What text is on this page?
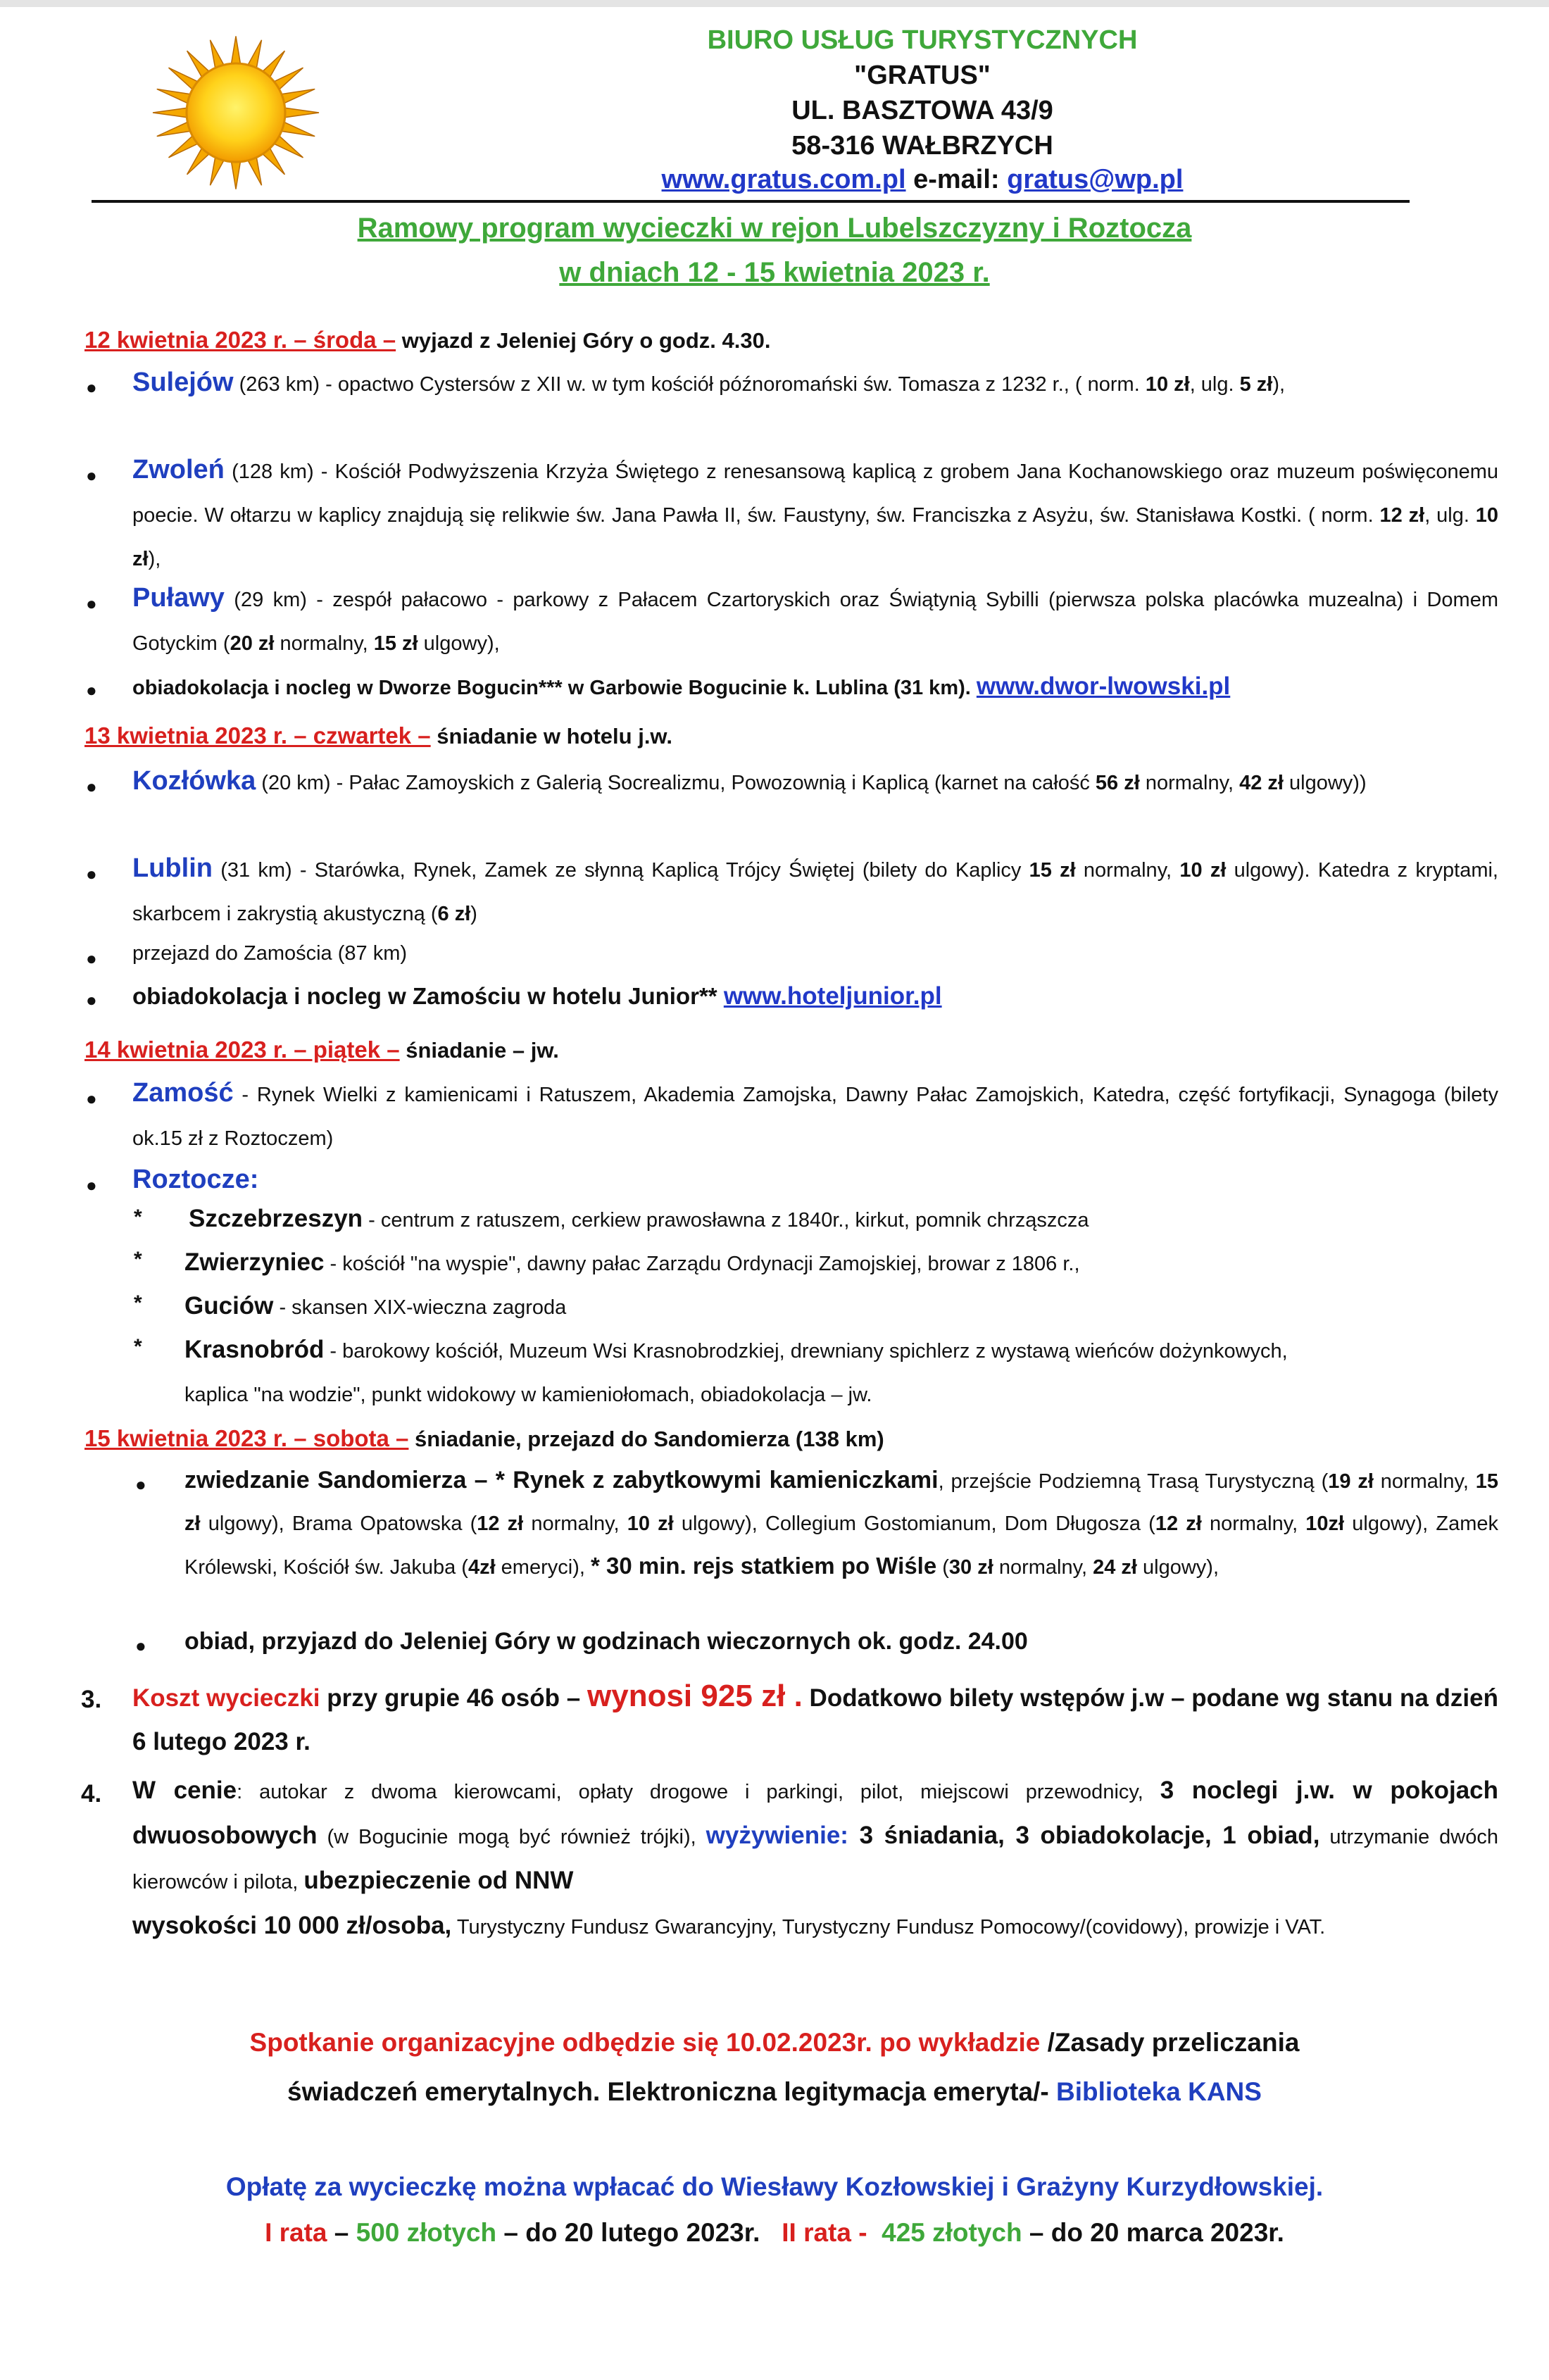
BIURO USŁUG TURYSTYCZNYCH
"GRATUS"
UL. BASZTOWA 43/9
58-316 WAŁBRZYCH
www.gratus.com.pl e-mail: gratus@wp.pl
Ramowy program wycieczki w rejon Lubelszczyzny i Roztocza
w dniach 12 - 15 kwietnia 2023 r.
12 kwietnia 2023 r. – środa – wyjazd z Jeleniej Góry o godz. 4.30.
● Sulejów (263 km) - opactwo Cystersów z XII w. w tym kościół późnoromański św. Tomasza z 1232 r., ( norm. 10 zł, ulg. 5 zł),
● Zwoleń (128 km) - Kościół Podwyższenia Krzyża Świętego z renesansową kaplicą z grobem Jana Kochanowskiego oraz muzeum poświęconemu poecie. W ołtarzu w kaplicy znajdują się relikwie św. Jana Pawła II, św. Faustyny, św. Franciszka z Asyżu, św. Stanisława Kostki. ( norm. 12 zł, ulg. 10 zł),
● Puławy (29 km) - zespół pałacowo - parkowy z Pałacem Czartoryskich oraz Świątynią Sybilli (pierwsza polska placówka muzealna) i Domem Gotyckim (20 zł normalny, 15 zł ulgowy),
● obiadokolacja i nocleg w Dworze Bogucin*** w Garbowie Bogucinie k. Lublina (31 km). www.dwor-lwowski.pl
13 kwietnia 2023 r. – czwartek – śniadanie w hotelu j.w.
● Kozłówka (20 km) - Pałac Zamoyskich z Galerią Socrealizmu, Powozownią i Kaplicą (karnet na całość 56 zł normalny, 42 zł ulgowy))
● Lublin (31 km) - Starówka, Rynek, Zamek ze słynną Kaplicą Trójcy Świętej (bilety do Kaplicy 15 zł normalny, 10 zł ulgowy). Katedra z kryptami, skarbcem i zakrystią akustyczną (6 zł)
● przejazd do Zamościa (87 km)
● obiadokolacja i nocleg w Zamościu w hotelu Junior** www.hoteljunior.pl
14 kwietnia 2023 r. – piątek – śniadanie – jw.
● Zamość - Rynek Wielki z kamienicami i Ratuszem, Akademia Zamojska, Dawny Pałac Zamojskich, Katedra, część fortyfikacji, Synagoga (bilety ok.15 zł z Roztoczem)
● Roztocze:
* Szczebrzeszyn - centrum z ratuszem, cerkiew prawosławna z 1840r., kirkut, pomnik chrząszcza
* Zwierzyniec - kościół "na wyspie", dawny pałac Zarządu Ordynacji Zamojskiej, browar z 1806 r.,
* Guciów - skansen XIX-wieczna zagroda
* Krasnobród - barokowy kościół, Muzeum Wsi Krasnobrodzkiej, drewniany spichlerz z wystawą wieńców dożynkowych, kaplica "na wodzie", punkt widokowy w kamieniołomach, obiadokolacja – jw.
15 kwietnia 2023 r. – sobota – śniadanie, przejazd do Sandomierza (138 km)
● zwiedzanie Sandomierza – * Rynek z zabytkowymi kamieniczkami, przejście Podziemną Trasą Turystyczną (19 zł normalny, 15 zł ulgowy), Brama Opatowska (12 zł normalny, 10 zł ulgowy), Collegium Gostomianum, Dom Długosza (12 zł normalny, 10zł ulgowy), Zamek Królewski, Kościół św. Jakuba (4zł emeryci), * 30 min. rejs statkiem po Wiśle (30 zł normalny, 24 zł ulgowy),
● obiad, przyjazd do Jeleniej Góry w godzinach wieczornych ok. godz. 24.00
3. Koszt wycieczki przy grupie 46 osób – wynosi 925 zł . Dodatkowo bilety wstępów j.w – podane wg stanu na dzień 6 lutego 2023 r.
4. W cenie: autokar z dwoma kierowcami, opłaty drogowe i parkingi, pilot, miejscowi przewodnicy, 3 noclegi j.w. w pokojach dwuosobowych (w Bogucinie mogą być również trójki), wyżywienie: 3 śniadania, 3 obiadokolacje, 1 obiad, utrzymanie dwóch kierowców i pilota, ubezpieczenie od NNW
wysokości 10 000 zł/osoba, Turystyczny Fundusz Gwarancyjny, Turystyczny Fundusz Pomocowy/(covidowy), prowizje i VAT.
Spotkanie organizacyjne odbędzie się 10.02.2023r. po wykładzie /Zasady przeliczania
świadczeń emerytalnych. Elektroniczna legitymacja emeryta/- Biblioteka KANS
Opłatę za wycieczkę można wpłacać do Wiesławy Kozłowskiej i Grażyny Kurzydłowskiej.
I rata – 500 złotych – do 20 lutego 2023r.   II rata -  425 złotych – do 20 marca 2023r.
